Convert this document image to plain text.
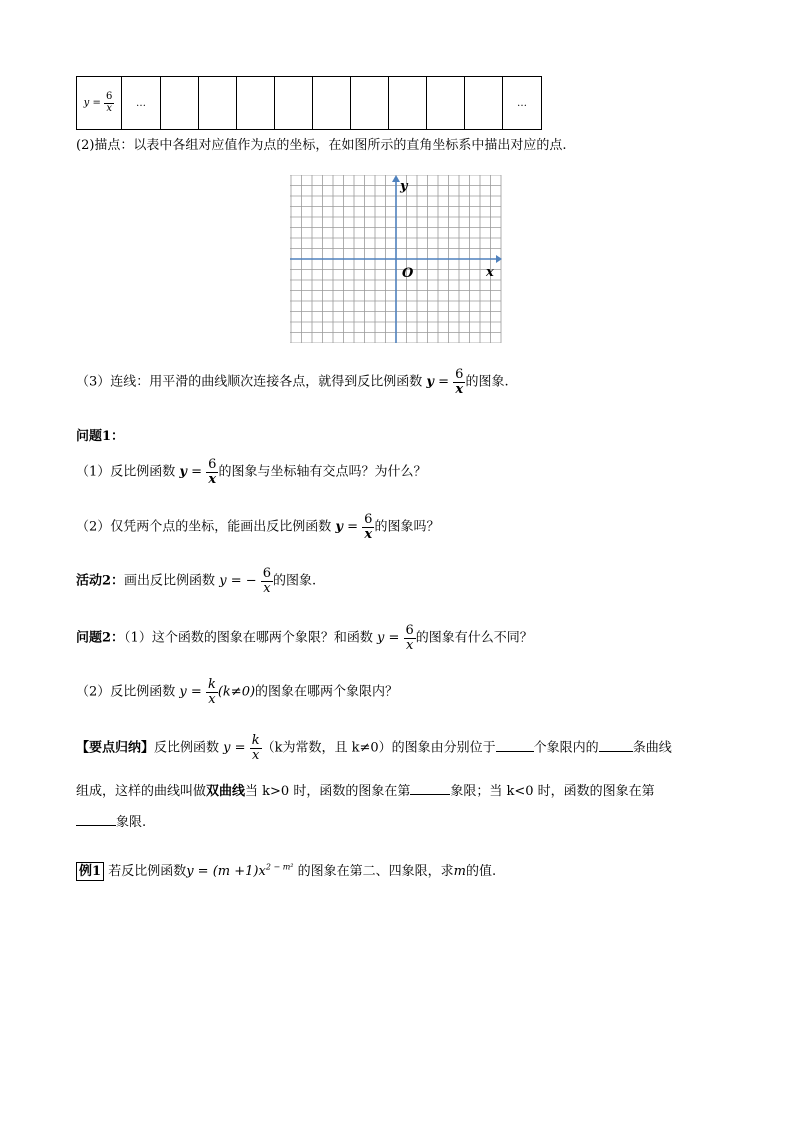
$y = \frac{6}{x}$	…										…
(2)描点：以表中各组对应值作为点的坐标，在如图所示的直角坐标系中描出对应的点.
y
x
O
（3）连线：用平滑的曲线顺次连接各点，就得到反比例函数 $y = \frac{6}{x}$ 的图象.
问题1：
（1）反比例函数 $y = \frac{6}{x}$ 的图象与坐标轴有交点吗？为什么？
（2）仅凭两个点的坐标，能画出反比例函数 $y = \frac{6}{x}$ 的图象吗？
活动2：画出反比例函数 y = − $\frac{6}{x}$ 的图象.
问题2：（1）这个函数的图象在哪两个象限？和函数 $y = \frac{6}{x}$ 的图象有什么不同？
（2）反比例函数 $y = \frac{k}{x} (k\ne 0)$的图象在哪两个象限内？
【要点归纳】反比例函数 $y = \frac{k}{x} (k$为常数，且 k≠0）的图象由分别位于	个象限内的	条曲线
组成，这样的曲线叫做双曲线当 k>0 时，函数的图象在第	象限；当 k<0 时，函数的图象在第
象限.
例1 若反比例函数$y = (m +1)x^{2 - m^2}$ 的图象在第二、四象限，求m的值.
